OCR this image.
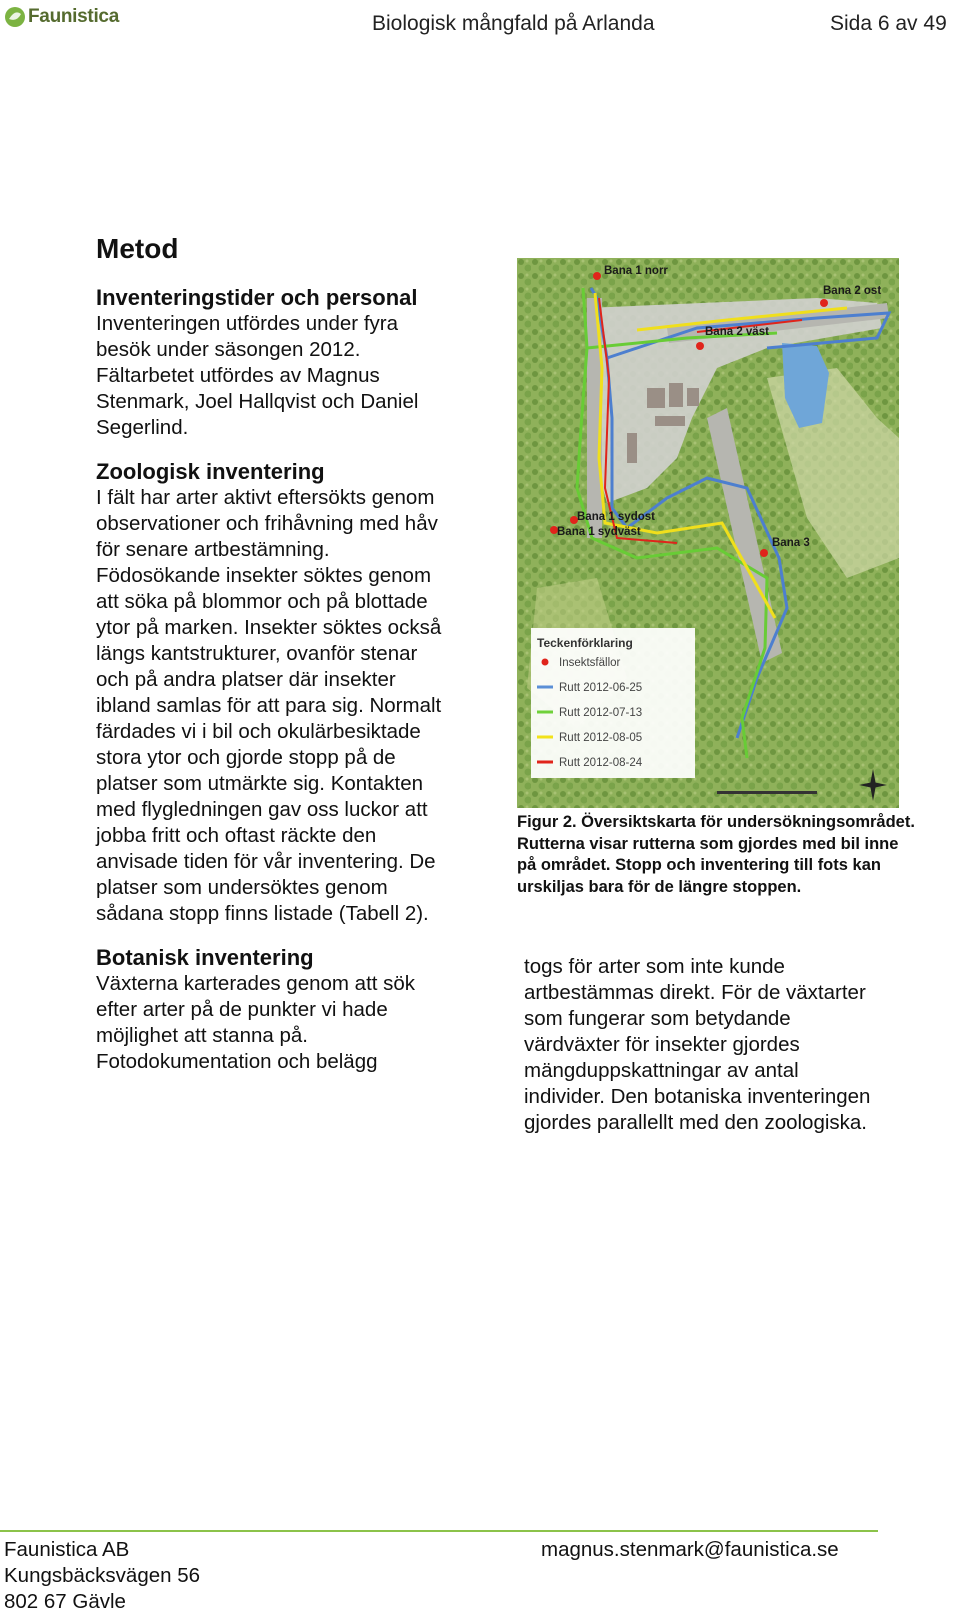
Faunistica	Biologisk mångfald på Arlanda	Sida 6 av 49
Metod
Inventeringstider och personal
Inventeringen utfördes under fyra besök under säsongen 2012. Fältarbetet utfördes av Magnus Stenmark, Joel Hallqvist och Daniel Segerlind.
Zoologisk inventering
I fält har arter aktivt eftersökts genom observationer och frihåvning med håv för senare artbestämning. Födosökande insekter söktes genom att söka på blommor och på blottade ytor på marken. Insekter söktes också längs kantstrukturer, ovanför stenar och på andra platser där insekter ibland samlas för att para sig. Normalt färdades vi i bil och okulärbesiktade stora ytor och gjorde stopp på de platser som utmärkte sig. Kontakten med flygledningen gav oss luckor att jobba fritt och oftast räckte den anvisade tiden för vår inventering. De platser som undersöktes genom sådana stopp finns listade (Tabell 2).
Botanisk inventering
Växterna karterades genom att sök efter arter på de punkter vi hade möjlighet att stanna på. Fotodokumentation och belägg
Bana 1 norr
Bana 2 ost
Bana 2 väst
Bana 1 sydost
Bana 1 sydväst
Bana 3
Teckenförklaring
Insektsfällor
Rutt 2012-06-25
Rutt 2012-07-13
Rutt 2012-08-05
Rutt 2012-08-24
Figur 2. Översiktskarta för undersökningsområdet. Rutterna visar rutterna som gjordes med bil inne på området. Stopp och inventering till fots kan urskiljas bara för de längre stoppen.
togs för arter som inte kunde artbestämmas direkt. För de växtarter som fungerar som betydande värdväxter för insekter gjordes mängduppskattningar av antal individer. Den botaniska inventeringen gjordes parallellt med den zoologiska.
Faunistica AB
Kungsbäcksvägen 56
802 67 Gävle
magnus.stenmark@faunistica.se
